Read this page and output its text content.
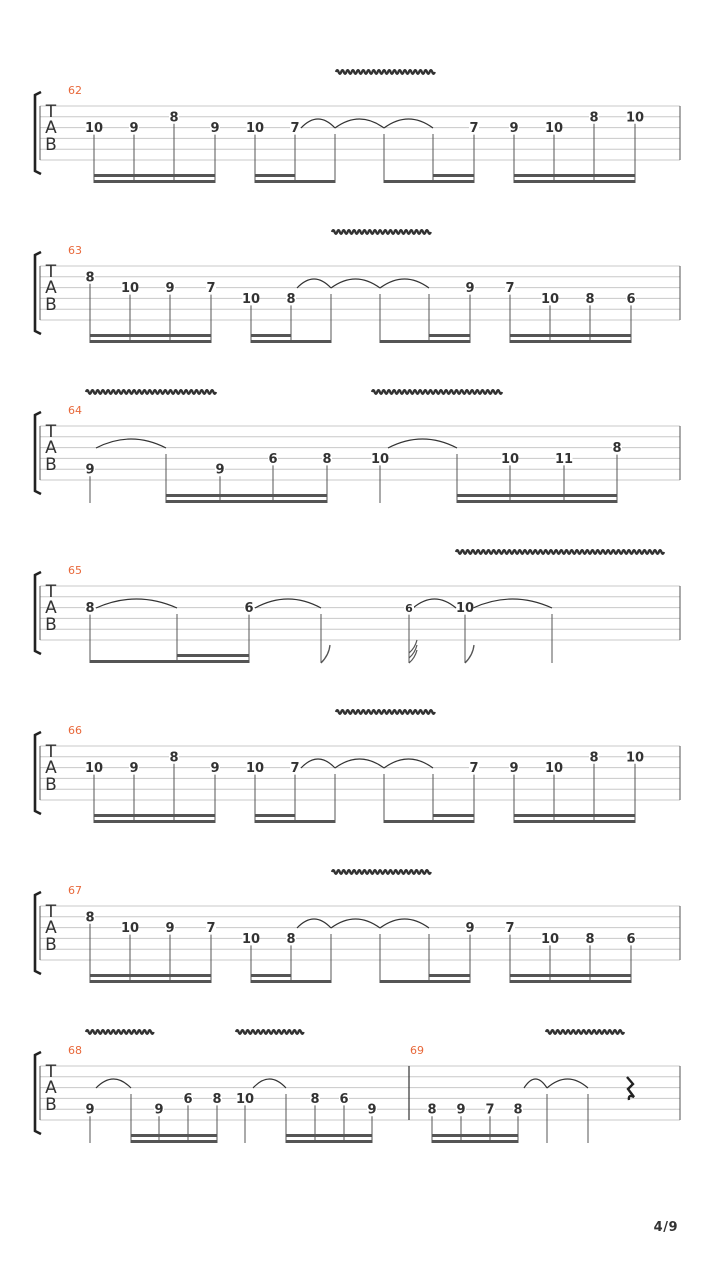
T
A
B
62
10 9
8
9 10 7	7 9 10
8 10
T
A
B
63
8
10 9 7
10 8
9 7
10 8 6
T
A
B
64
9	9
6	8	10	10	11
8
T
A
B
65
8	6	6	10
T
A
B
66
10 9
8
9 10 7	7 9 10
8 10
T
A
B
67
8
10 9 7
10 8
9 7
10 8 6
T
A
B
68
9	9
6 8 10	8 6
9
69
8 9 7 8
4/9
